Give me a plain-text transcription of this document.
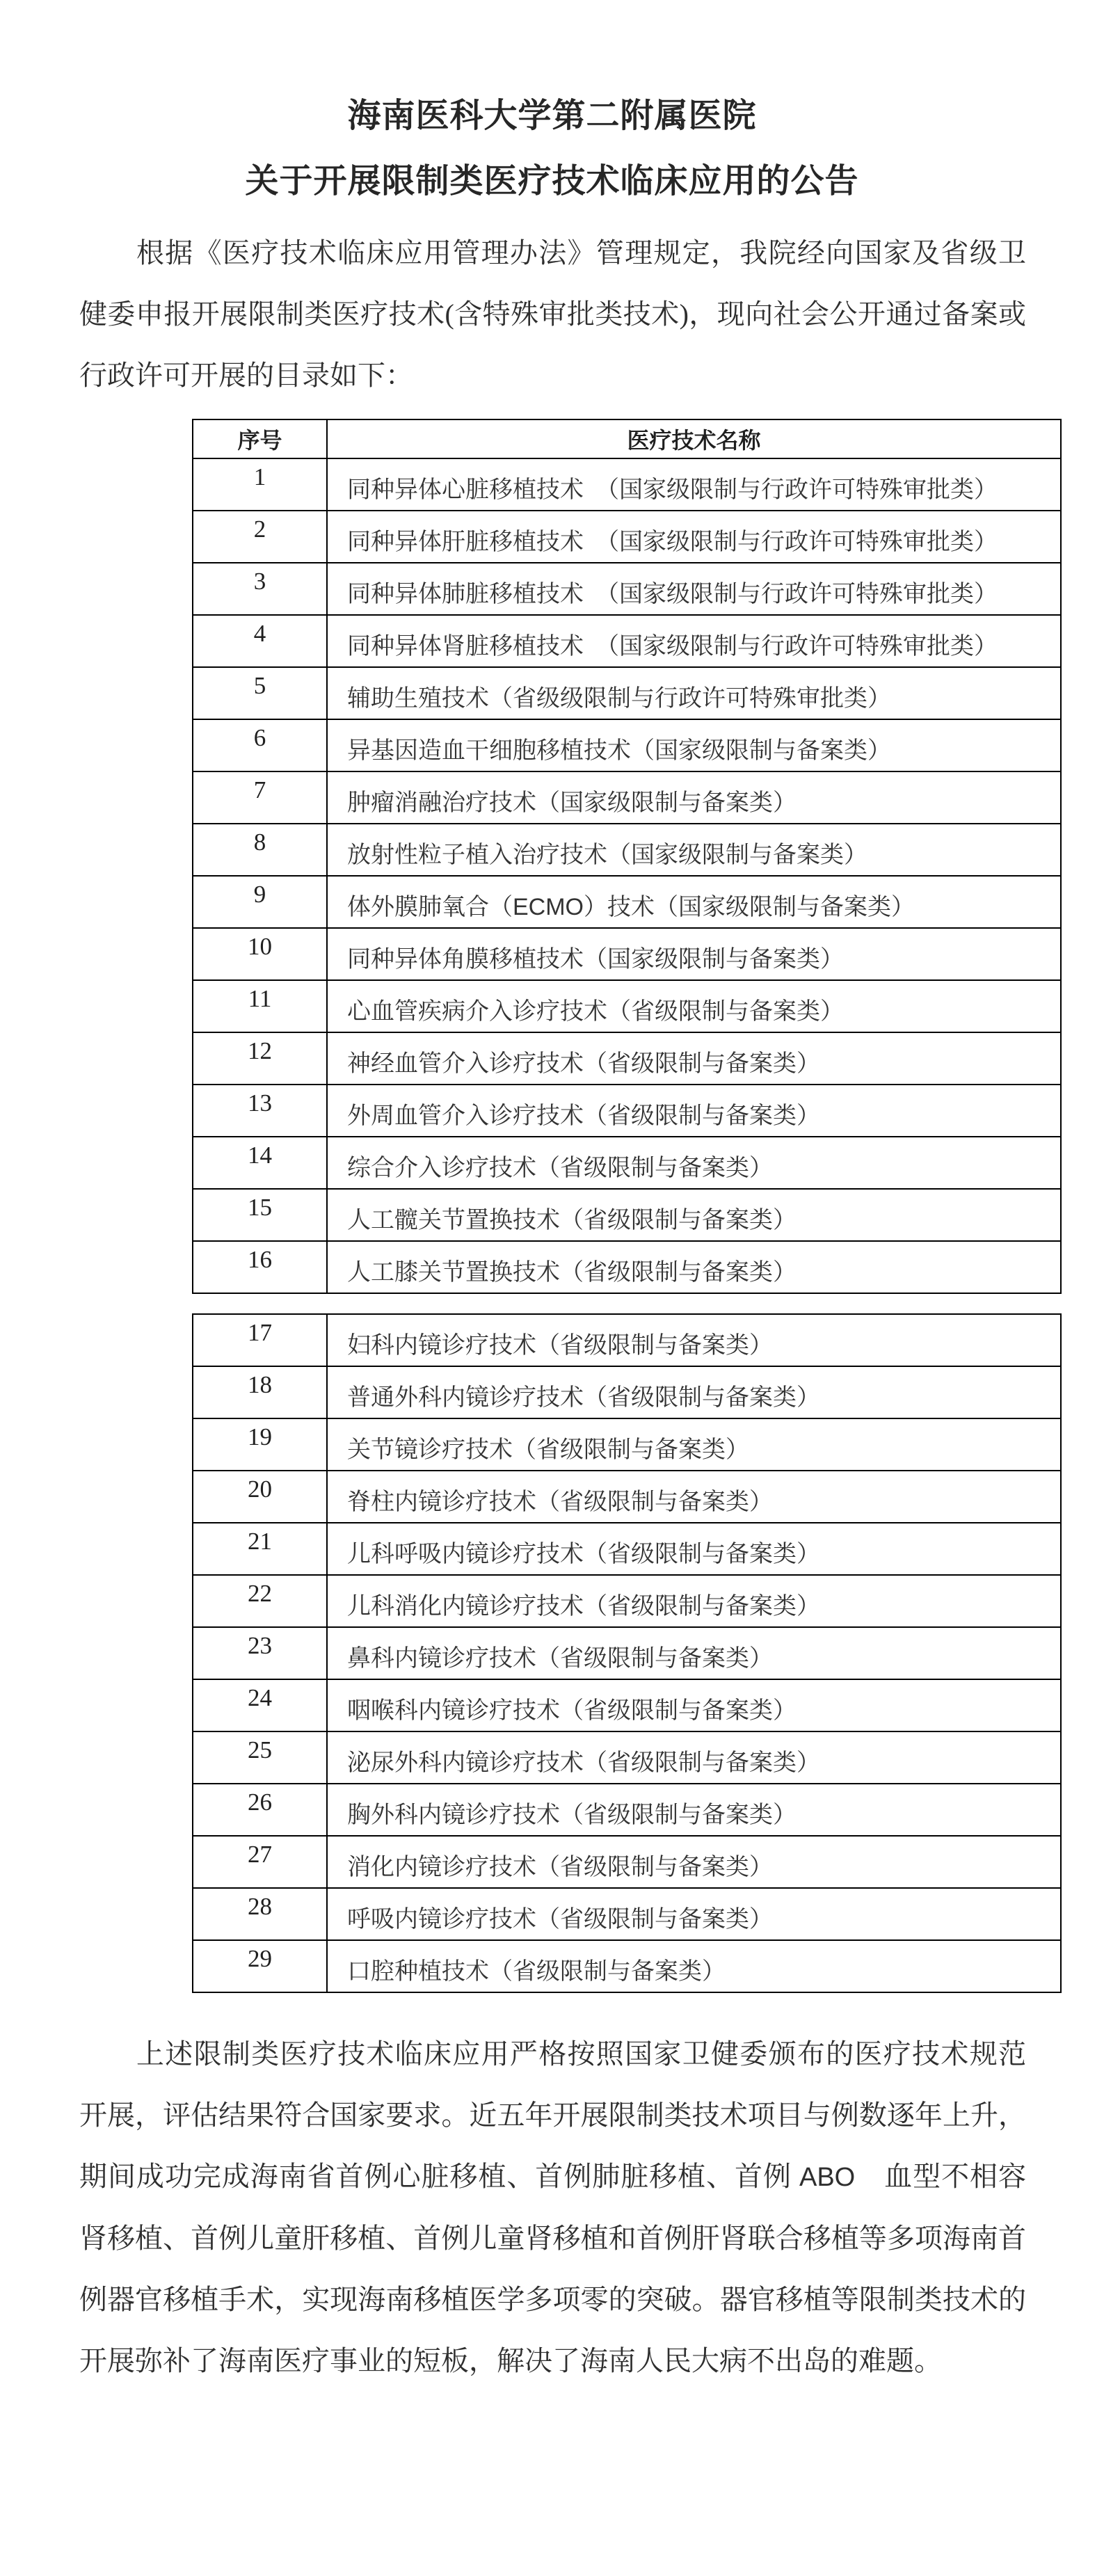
海南医科大学第二附属医院
关于开展限制类医疗技术临床应用的公告

根据《医疗技术临床应用管理办法》管理规定，我院经向国家及省级卫健委申报开展限制类医疗技术(含特殊审批类技术)，现向社会公开通过备案或行政许可开展的目录如下：

序号	医疗技术名称
1	同种异体心脏移植技术　（国家级限制与行政许可特殊审批类）
2	同种异体肝脏移植技术　（国家级限制与行政许可特殊审批类）
3	同种异体肺脏移植技术　（国家级限制与行政许可特殊审批类）
4	同种异体肾脏移植技术　（国家级限制与行政许可特殊审批类）
5	辅助生殖技术（省级级限制与行政许可特殊审批类）
6	异基因造血干细胞移植技术（国家级限制与备案类）
7	肿瘤消融治疗技术（国家级限制与备案类）
8	放射性粒子植入治疗技术（国家级限制与备案类）
9	体外膜肺氧合（ECMO）技术（国家级限制与备案类）
10	同种异体角膜移植技术（国家级限制与备案类）
11	心血管疾病介入诊疗技术（省级限制与备案类）
12	神经血管介入诊疗技术（省级限制与备案类）
13	外周血管介入诊疗技术（省级限制与备案类）
14	综合介入诊疗技术（省级限制与备案类）
15	人工髋关节置换技术（省级限制与备案类）
16	人工膝关节置换技术（省级限制与备案类）
17	妇科内镜诊疗技术（省级限制与备案类）
18	普通外科内镜诊疗技术（省级限制与备案类）
19	关节镜诊疗技术（省级限制与备案类）
20	脊柱内镜诊疗技术（省级限制与备案类）
21	儿科呼吸内镜诊疗技术（省级限制与备案类）
22	儿科消化内镜诊疗技术（省级限制与备案类）
23	鼻科内镜诊疗技术（省级限制与备案类）
24	咽喉科内镜诊疗技术（省级限制与备案类）
25	泌尿外科内镜诊疗技术（省级限制与备案类）
26	胸外科内镜诊疗技术（省级限制与备案类）
27	消化内镜诊疗技术（省级限制与备案类）
28	呼吸内镜诊疗技术（省级限制与备案类）
29	口腔种植技术（省级限制与备案类）

上述限制类医疗技术临床应用严格按照国家卫健委颁布的医疗技术规范开展，评估结果符合国家要求。近五年开展限制类技术项目与例数逐年上升，期间成功完成海南省首例心脏移植、首例肺脏移植、首例 ABO　血型不相容肾移植、首例儿童肝移植、首例儿童肾移植和首例肝肾联合移植等多项海南首例器官移植手术，实现海南移植医学多项零的突破。器官移植等限制类技术的开展弥补了海南医疗事业的短板，解决了海南人民大病不出岛的难题。
